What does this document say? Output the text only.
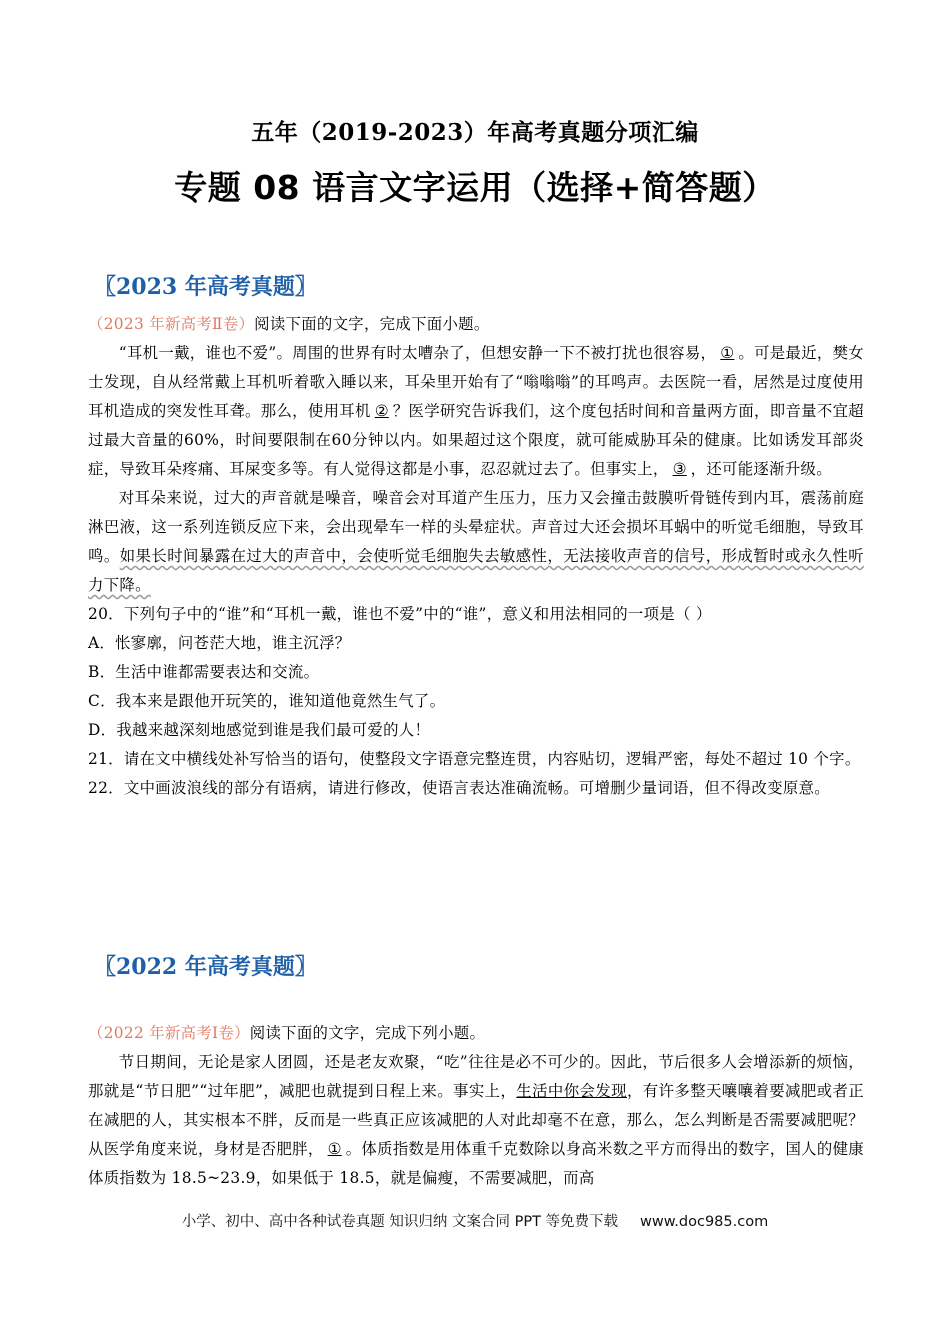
五年（2019-2023）年高考真题分项汇编
专题 08 语言文字运用（选择+简答题）
〖2023 年高考真题〗

（2023 年新高考Ⅱ卷）阅读下面的文字，完成下面小题。

“耳机一戴，谁也不爱”。周围的世界有时太嘈杂了，但想安静一下不被打扰也很容易， ① 。可是最近，樊女士发现，自从经常戴上耳机听着歌入睡以来，耳朵里开始有了“嗡嗡嗡”的耳鸣声。去医院一看，居然是过度使用耳机造成的突发性耳聋。那么，使用耳机 ② ？医学研究告诉我们，这个度包括时间和音量两方面，即音量不宜超过最大音量的60%，时间要限制在60分钟以内。如果超过这个限度，就可能威胁耳朵的健康。比如诱发耳部炎症，导致耳朵疼痛、耳屎变多等。有人觉得这都是小事，忍忍就过去了。但事实上， ③ ，还可能逐渐升级。

对耳朵来说，过大的声音就是噪音，噪音会对耳道产生压力，压力又会撞击鼓膜听骨链传到内耳，震荡前庭淋巴液，这一系列连锁反应下来，会出现晕车一样的头晕症状。声音过大还会损坏耳蜗中的听觉毛细胞，导致耳鸣。如果长时间暴露在过大的声音中，会使听觉毛细胞失去敏感性，无法接收声音的信号，形成暂时或永久性听力下降。

20．下列句子中的“谁”和“耳机一戴，谁也不爱”中的“谁”，意义和用法相同的一项是（ ）

A．怅寥廓，问苍茫大地，谁主沉浮？

B．生活中谁都需要表达和交流。

C．我本来是跟他开玩笑的，谁知道他竟然生气了。

D．我越来越深刻地感觉到谁是我们最可爱的人！

21．请在文中横线处补写恰当的语句，使整段文字语意完整连贯，内容贴切，逻辑严密，每处不超过 10 个字。

22．文中画波浪线的部分有语病，请进行修改，使语言表达准确流畅。可增删少量词语，但不得改变原意。

〖2022 年高考真题〗

（2022 年新高考Ⅰ卷）阅读下面的文字，完成下列小题。

节日期间，无论是家人团圆，还是老友欢聚，“吃”往往是必不可少的。因此，节后很多人会增添新的烦恼，那就是“节日肥”“过年肥”，减肥也就提到日程上来。事实上，生活中你会发现，有许多整天嚷嚷着要减肥或者正在减肥的人，其实根本不胖，反而是一些真正应该减肥的人对此却毫不在意，那么，怎么判断是否需要减肥呢？从医学角度来说，身材是否肥胖， ① 。体质指数是用体重千克数除以身高米数之平方而得出的数字，国人的健康体质指数为 18.5~23.9，如果低于 18.5，就是偏瘦，不需要减肥，而高

小学、初中、高中各种试卷真题 知识归纳 文案合同 PPT 等免费下载 www.doc985.com
